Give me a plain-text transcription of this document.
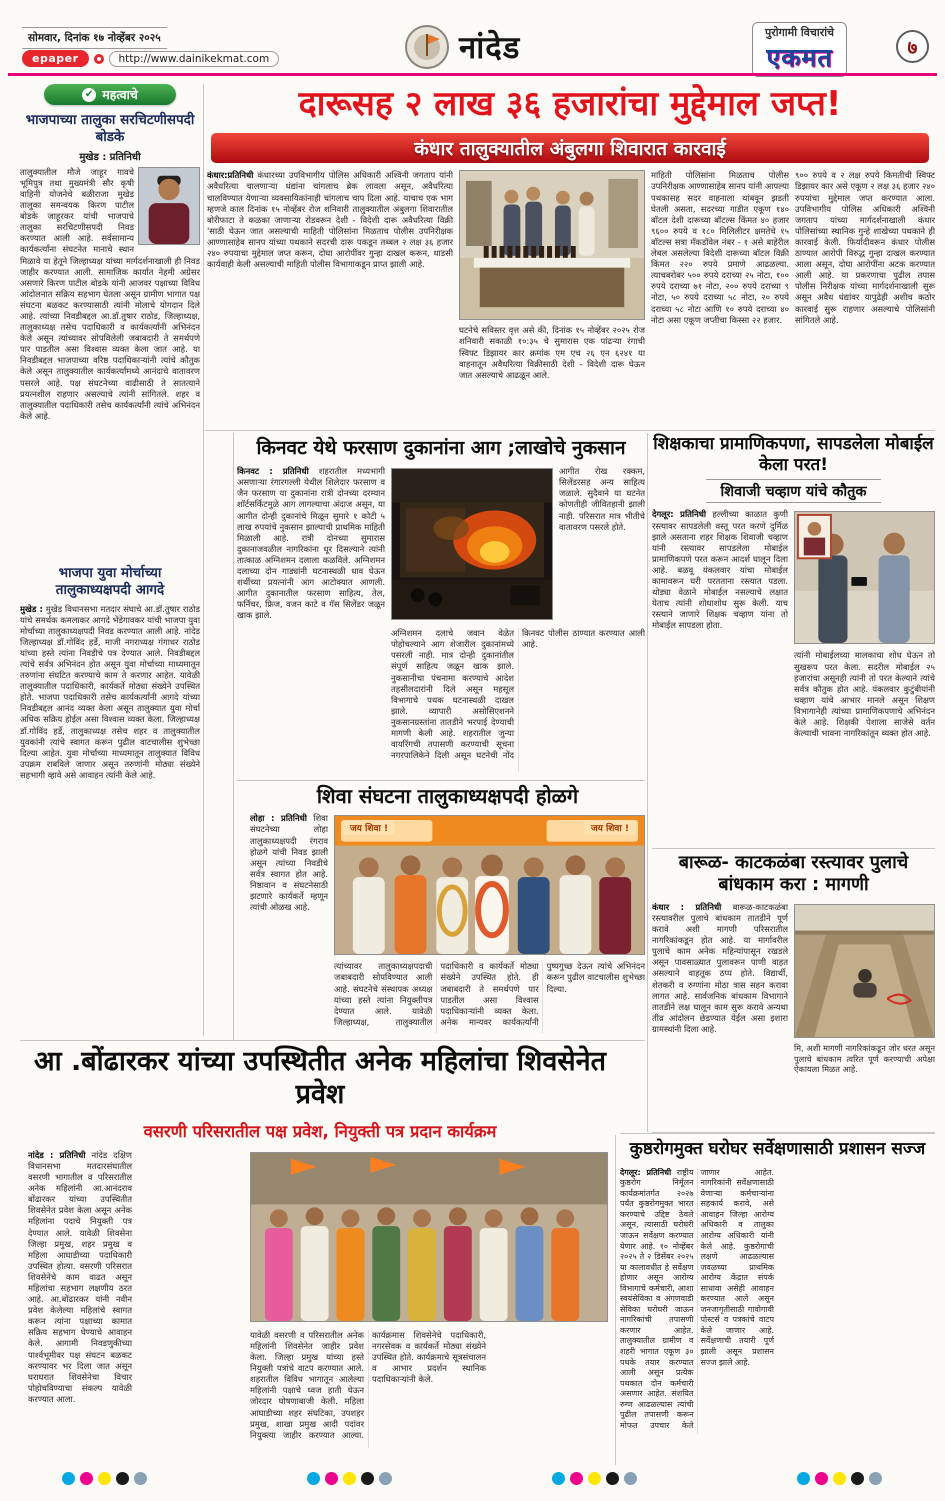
सोमवार, दिनांक १७ नोव्हेंबर २०२५
epaper	http://www.dainikekmat.com	नांदेड	पुरोगामी विचारांचे
एकमत	७
✔ महत्वाचे
भाजपाच्या तालुका सरचिटणीसपदी बोडके
मुखेड : प्रतिनिधी
तालुक्यातील मौजे जाहूर गावचे भूमिपुत्र तथा मुख्यमंत्री सौर कृषी वाहिनी योजनेचे बळीराजा मुखेड तालुका समन्वयक किरण पाटील बोडके जाहूरकर यांची भाजपाचे तालुका सरचिटणीसपदी निवड करण्यात आली आहे. सर्वसामान्य कार्यकर्त्यांना संघटनेत मानाचे स्थान मिळावे या हेतूने जिल्हाध्यक्ष यांच्या मार्गदर्शनाखाली ही निवड जाहीर करण्यात आली. सामाजिक कार्यात नेहमी अग्रेसर असणारे किरण पाटील बोडके यांनी आजवर पक्षाच्या विविध आंदोलनात सक्रिय सहभाग घेतला असून ग्रामीण भागात पक्ष संघटना बळकट करण्यासाठी त्यांनी मोलाचे योगदान दिले आहे. त्यांच्या निवडीबद्दल आ.डॉ.तुषार राठोड, जिल्हाध्यक्ष, तालुकाध्यक्ष तसेच पदाधिकारी व कार्यकर्त्यांनी अभिनंदन केले असून त्यांच्यावर सोपविलेली जबाबदारी ते समर्थपणे पार पाडतील असा विश्वास व्यक्त केला जात आहे. या निवडीबद्दल भाजपाच्या वरिष्ठ पदाधिकाऱ्यांनी त्यांचे कौतुक केले असून तालुक्यातील कार्यकर्त्यांमध्ये आनंदाचे वातावरण पसरले आहे. पक्ष संघटनेच्या वाढीसाठी ते सातत्याने प्रयत्नशील राहणार असल्याचे त्यांनी सांगितले. शहर व तालुक्यातील पदाधिकारी तसेच कार्यकर्त्यांनी त्यांचे अभिनंदन केले आहे.
भाजपा युवा मोर्चाच्या तालुकाध्यक्षपदी आगदे
मुखेड : मुखेड विधानसभा मतदार संघाचे आ.डॉ.तुषार राठोड यांचे समर्थक कमलाकर आगदे भेंडेगावकर यांची भाजपा युवा मोर्चाच्या तालुकाध्यक्षपदी निवड करण्यात आली आहे. नांदेड जिल्हाध्यक्ष डॉ.गोविंद हर्डे, माजी नगराध्यक्ष गंगाधर राठोड यांच्या हस्ते त्यांना निवडीचे पत्र देण्यात आले. निवडीबद्दल त्यांचे सर्वत्र अभिनंदन होत असून युवा मोर्चाच्या माध्यमातून तरुणांना संघटित करण्याचे काम ते करणार आहेत. यावेळी तालुक्यातील पदाधिकारी, कार्यकर्ते मोठ्या संख्येने उपस्थित होते. भाजपा पदाधिकारी तसेच कार्यकर्त्यांनी आगदे यांच्या निवडीबद्दल आनंद व्यक्त केला असून तालुक्यात युवा मोर्चा अधिक सक्रिय होईल असा विश्वास व्यक्त केला. जिल्हाध्यक्ष डॉ.गोविंद हर्डे, तालुकाध्यक्ष तसेच शहर व तालुक्यातील युवकांनी त्यांचे स्वागत करून पुढील वाटचालीस शुभेच्छा दिल्या आहेत. युवा मोर्चाच्या माध्यमातून तालुक्यात विविध उपक्रम राबविले जाणार असून तरुणांनी मोठ्या संख्येने सहभागी व्हावे असे आवाहन त्यांनी केले आहे.
दारूसह २ लाख ३६ हजारांचा मुद्देमाल जप्त!
कंधार तालुक्यातील अंबुलगा शिवारात कारवाई
कंधार:प्रतिनिधी कंधारच्या उपविभागीय पोलिस अधिकारी अश्विनी जगताप यांनी अवैधरित्या चालणाऱ्या धंद्यांना चांगलाच ब्रेक लावला असून, अवैधरित्या चालविण्यात येणाऱ्या व्यवसायिकांनाही चांगलाच चाप दिला आहे. याचाच एक भाग म्हणजे काल दिनांक १५ नोव्हेंबर रोज शनिवारी तालुक्यातील अंबुलगा शिवारातील बोरीफाटा ते कळका जाणाऱ्या रोडवरून देशी - विदेशी दारू अवैधरित्या विक्री 'साठी घेऊन जात असल्याची माहिती पोलिसांना मिळताच पोलीस उपनिरीक्षक आण्णासाहेब सानप यांच्या पथकाने सदरची दारू पकडून तब्बल २ लक्ष ३६ हजार २४० रुपयाचा मुद्देमाल जप्त करून, दोघा आरोपींवर गुन्हा दाखल करून, धाडसी कार्यवाही केली असल्याची माहिती पोलीस विभागाकडून प्राप्त झाली आहे.
घटनेचे सविस्तर वृत्त असे की, दिनांक १५ नोव्हेंबर २०२५ रोज शनिवारी सकाळी १०:३५ चे सुमारास एक पांढऱ्या रंगाची स्विफ्ट डिझायर कार क्रमांक एम एच २६ एन ६२४१ या वाहनातून अवैधरित्या विक्रीसाठी देशी - विदेशी दारू घेऊन जात असल्याचे आढळून आले.
माहिती पोलिसांना मिळताच पोलीस उपनिरीक्षक आण्णासाहेब सानप यांनी आपल्या पथकासह सदर वाहनाला थांबवून झडती घेतली असता, सदरच्या गाडीत एकूण १४० बॉटल देशी दारूच्या बॉटल्स किंमत ४० हजार ९६०० रुपये व १८० मिलिलीटर क्षमतेचे १५ बॉटल्स सत्रा मॅकडॉवेल नंबर - १ असे बाहेरील लेबल असलेल्या विदेशी दारूच्या बॉटल विक्री किंमत २२० रुपये प्रमाणे आढळल्या. त्याचबरोबर ५०० रुपये दराच्या २५ नोटा, १०० रुपये दराच्या ७१ नोटा, २०० रुपये दराच्या ९ नोटा, ५० रुपये दराच्या ५८ नोटा, २० रुपये दराच्या ५८ नोटा आणि १० रुपये दराच्या ४० नोटा असा एकूण जप्तीचा किस्सा २२ हजार.
९०० रुपये व २ लक्ष रुपये किमतीची स्विफ्ट डिझायर कार असे एकूण २ लक्ष ३६ हजार २४० रुपयांचा मुद्देमाल जप्त करण्यात आला. उपविभागीय पोलिस अधिकारी अश्विनी जगताप यांच्या मार्गदर्शनाखाली कंधार पोलिसांच्या स्थानिक गुन्हे शाखेच्या पथकाने ही कारवाई केली. फिर्यादीवरून कंधार पोलीस ठाण्यात आरोपी विरुद्ध गुन्हा दाखल करण्यात आला असून, दोघा आरोपींना अटक करण्यात आली आहे. या प्रकरणाचा पुढील तपास पोलीस निरीक्षक यांच्या मार्गदर्शनाखाली सुरू असून अवैध धंद्यांवर यापुढेही अशीच कठोर कारवाई सुरू राहणार असल्याचे पोलिसांनी सांगितले आहे.
किनवट येथे फरसाण दुकानांना आग ;लाखोचे नुकसान
किनवट : प्रतिनिधी शहरातील मध्यभागी असणाऱ्या रंगारगल्ली येथील शिलेदार फरसाण व जैन फरसाण या दुकानांना रात्री दोनच्या दरम्यान शॉर्टसर्किटमुळे आग लागल्याचा अंदाज असून, या आगीत दोन्ही दुकानांचे मिळून सुमारे १ कोटी ५ लाख रुपयांचे नुकसान झाल्याची प्राथमिक माहिती मिळाली आहे. रात्री दोनच्या सुमारास दुकानाजवळील नागरिकांना धूर दिसल्याने त्यांनी तात्काळ अग्निशमन दलाला कळविले. अग्निशमन दलाच्या दोन गाड्यांनी घटनास्थळी धाव घेऊन शर्थीच्या प्रयत्नांनी आग आटोक्यात आणली. आगीत दुकानातील फरसाण साहित्य, तेल, फर्निचर, फ्रिज, वजन काटे व गॅस सिलेंडर जळून खाक झाले.
आगीत रोख रक्कम, सिलेंडरसह अन्य साहित्य जळाले. सुदैवाने या घटनेत कोणतीही जीवितहानी झाली नाही. परिसरात मात्र भीतीचे वातावरण पसरले होते.
अग्निशमन दलाचे जवान वेळेत पोहोचल्याने आग शेजारील दुकानांमध्ये पसरली नाही. मात्र दोन्ही दुकानांतील संपूर्ण साहित्य जळून खाक झाले. नुकसानीचा पंचनामा करण्याचे आदेश तहसीलदारांनी दिले असून महसूल विभागाचे पथक घटनास्थळी दाखल झाले. व्यापारी असोसिएशनने नुकसानग्रस्तांना तातडीने भरपाई देण्याची मागणी केली आहे. शहरातील जुन्या वायरिंगची तपासणी करण्याची सूचना नगरपालिकेने दिली असून घटनेची नोंद किनवट पोलीस ठाण्यात करण्यात आली आहे.
शिक्षकाचा प्रामाणिकपणा, सापडलेला मोबाईल केला परत!
शिवाजी चव्हाण यांचे कौतुक
देगलूर: प्रतिनिधी हल्लीच्या काळात कुणी रस्त्यावर सापडलेली वस्तू परत करणे दुर्मिळ झाले असताना शहर शिक्षक शिवाजी चव्हाण यांनी रस्त्यावर सापडलेला मोबाईल प्रामाणिकपणे परत करून आदर्श घालून दिला आहे. बळवू यंकलवार यांचा मोबाईल कामावरून घरी परतताना रस्त्यात पडला. थोड्या वेळाने मोबाईल नसल्याचे लक्षात येताच त्यांनी शोधाशोध सुरू केली. याच रस्त्याने जाणारे शिक्षक चव्हाण यांना तो मोबाईल सापडला होता.
त्यांनी मोबाईलच्या मालकाचा शोध घेऊन तो सुखरूप परत केला. सदरील मोबाईल २५ हजारांचा असूनही त्यांनी तो परत केल्याने त्यांचे सर्वत्र कौतुक होत आहे. यंकलवार कुटुंबीयांनी चव्हाण यांचे आभार मानले असून शिक्षण विभागानेही त्यांच्या प्रामाणिकपणाचे अभिनंदन केले आहे. शिक्षकी पेशाला साजेसे वर्तन केल्याची भावना नागरिकांतून व्यक्त होत आहे.
शिवा संघटना तालुकाध्यक्षपदी होळगे
लोहा : प्रतिनिधी शिवा संघटनेच्या लोहा तालुकाध्यक्षपदी रंगराव होळगे यांची निवड झाली असून त्यांच्या निवडीचे सर्वत्र स्वागत होत आहे. निष्ठावान व संघटनेसाठी झटणारे कार्यकर्ते म्हणून त्यांची ओळख आहे.
जय शिवा !	जय शिवा !
त्यांच्यावर तालुकाध्यक्षपदाची जबाबदारी सोपविण्यात आली आहे. संघटनेचे संस्थापक अध्यक्ष यांच्या हस्ते त्यांना नियुक्तीपत्र देण्यात आले. यावेळी जिल्हाध्यक्ष, तालुक्यातील पदाधिकारी व कार्यकर्ते मोठ्या संख्येने उपस्थित होते. ही जबाबदारी ते समर्थपणे पार पाडतील असा विश्वास पदाधिकाऱ्यांनी व्यक्त केला. अनेक मान्यवर कार्यकर्त्यांनी पुष्पगुच्छ देऊन त्यांचे अभिनंदन करून पुढील वाटचालीस शुभेच्छा दिल्या.
बारूळ- काटकळंबा रस्त्यावर पुलाचे बांधकाम करा : मागणी
कंधार : प्रतिनिधी बारूळ-काटकळंबा रस्त्यावरील पुलाचे बांधकाम तातडीने पूर्ण करावे अशी मागणी परिसरातील नागरिकांकडून होत आहे. या मार्गावरील पुलाचे काम अनेक महिन्यांपासून रखडले असून पावसाळ्यात पुलावरून पाणी वाहत असल्याने वाहतूक ठप्प होते. विद्यार्थी, शेतकरी व रुग्णांना मोठा त्रास सहन करावा लागत आहे. सार्वजनिक बांधकाम विभागाने तातडीने लक्ष घालून काम सुरू करावे अन्यथा तीव्र आंदोलन छेडण्यात येईल असा इशारा ग्रामस्थांनी दिला आहे.
मि, अशी मागणी नागरिकांकडून जोर धरत असून पुलाचे बांधकाम त्वरित पूर्ण करण्याची अपेक्षा ऐकायला मिळत आहे.
आ .बोंढारकर यांच्या उपस्थितीत अनेक महिलांचा शिवसेनेत प्रवेश
वसरणी परिसरातील पक्ष प्रवेश, नियुक्ती पत्र प्रदान कार्यक्रम
नांदेड : प्रतिनिधी नांदेड दक्षिण विधानसभा मतदारसंघातील वसरणी भागातील व परिसरातील अनेक महिलांनी आ.आनंदराव बोंढारकर यांच्या उपस्थितीत शिवसेनेत प्रवेश केला असून अनेक महिलांना पदाचे नियुक्ती पत्र देण्यात आले. यावेळी शिवसेना जिल्हा प्रमुख, शहर प्रमुख व महिला आघाडीच्या पदाधिकारी उपस्थित होत्या. वसरणी परिसरात शिवसेनेचे काम वाढत असून महिलांचा सहभाग लक्षणीय ठरत आहे. आ.बोंढारकर यांनी नवीन प्रवेश केलेल्या महिलांचे स्वागत करून त्यांना पक्षाच्या कामात सक्रिय सहभाग घेण्याचे आवाहन केले. आगामी निवडणुकीच्या पार्श्वभूमीवर पक्ष संघटन बळकट करण्यावर भर दिला जात असून घराघरात शिवसेनेचा विचार पोहोचविण्याचा संकल्प यावेळी करण्यात आला.
यावेळी वसरणी व परिसरातील अनेक महिलांनी शिवसेनेत जाहीर प्रवेश केला. जिल्हा प्रमुख यांच्या हस्ते नियुक्ती पत्रांचे वाटप करण्यात आले. शहरातील विविध भागातून आलेल्या महिलांनी पक्षाचे ध्वज हाती घेऊन जोरदार घोषणाबाजी केली. महिला आघाडीच्या शहर संघटिका, उपशहर प्रमुख, शाखा प्रमुख आदी पदांवर नियुक्त्या जाहीर करण्यात आल्या. कार्यक्रमास शिवसेनेचे पदाधिकारी, नगरसेवक व कार्यकर्ते मोठ्या संख्येने उपस्थित होते. कार्यक्रमाचे सूत्रसंचालन व आभार प्रदर्शन स्थानिक पदाधिकाऱ्यांनी केले.
कुष्ठरोगमुक्त घरोघर सर्वेक्षणासाठी प्रशासन सज्ज
देगलूर: प्रतिनिधी राष्ट्रीय कुष्ठरोग निर्मूलन कार्यक्रमांतर्गत २०२७ पर्यंत कुष्ठरोगमुक्त भारत करण्याचे उद्दिष्ट ठेवले असून, त्यासाठी घरोघरी जाऊन सर्वेक्षण करण्यात येणार आहे. १० नोव्हेंबर २०२५ ते २ डिसेंबर २०२५ या कालावधीत हे सर्वेक्षण होणार असून आरोग्य विभागाचे कर्मचारी, आशा स्वयंसेविका व अंगणवाडी सेविका घरोघरी जाऊन नागरिकांची तपासणी करणार आहेत. तालुक्यातील ग्रामीण व शहरी भागात एकूण ३० पथके तयार करण्यात आली असून प्रत्येक पथकात दोन कर्मचारी असणार आहेत. संशयित रुग्ण आढळल्यास त्यांची पुढील तपासणी करून मोफत उपचार केले जाणार आहेत. नागरिकांनी सर्वेक्षणासाठी येणाऱ्या कर्मचाऱ्यांना सहकार्य करावे, असे आवाहन जिल्हा आरोग्य अधिकारी व तालुका आरोग्य अधिकारी यांनी केले आहे. कुष्ठरोगाची लक्षणे आढळल्यास जवळच्या प्राथमिक आरोग्य केंद्रात संपर्क साधावा असेही आवाहन करण्यात आले असून जनजागृतीसाठी गावोगावी पोस्टर्स व पत्रकांचे वाटप केले जाणार आहे. सर्वेक्षणाची तयारी पूर्ण झाली असून प्रशासन सज्ज झाले आहे.
